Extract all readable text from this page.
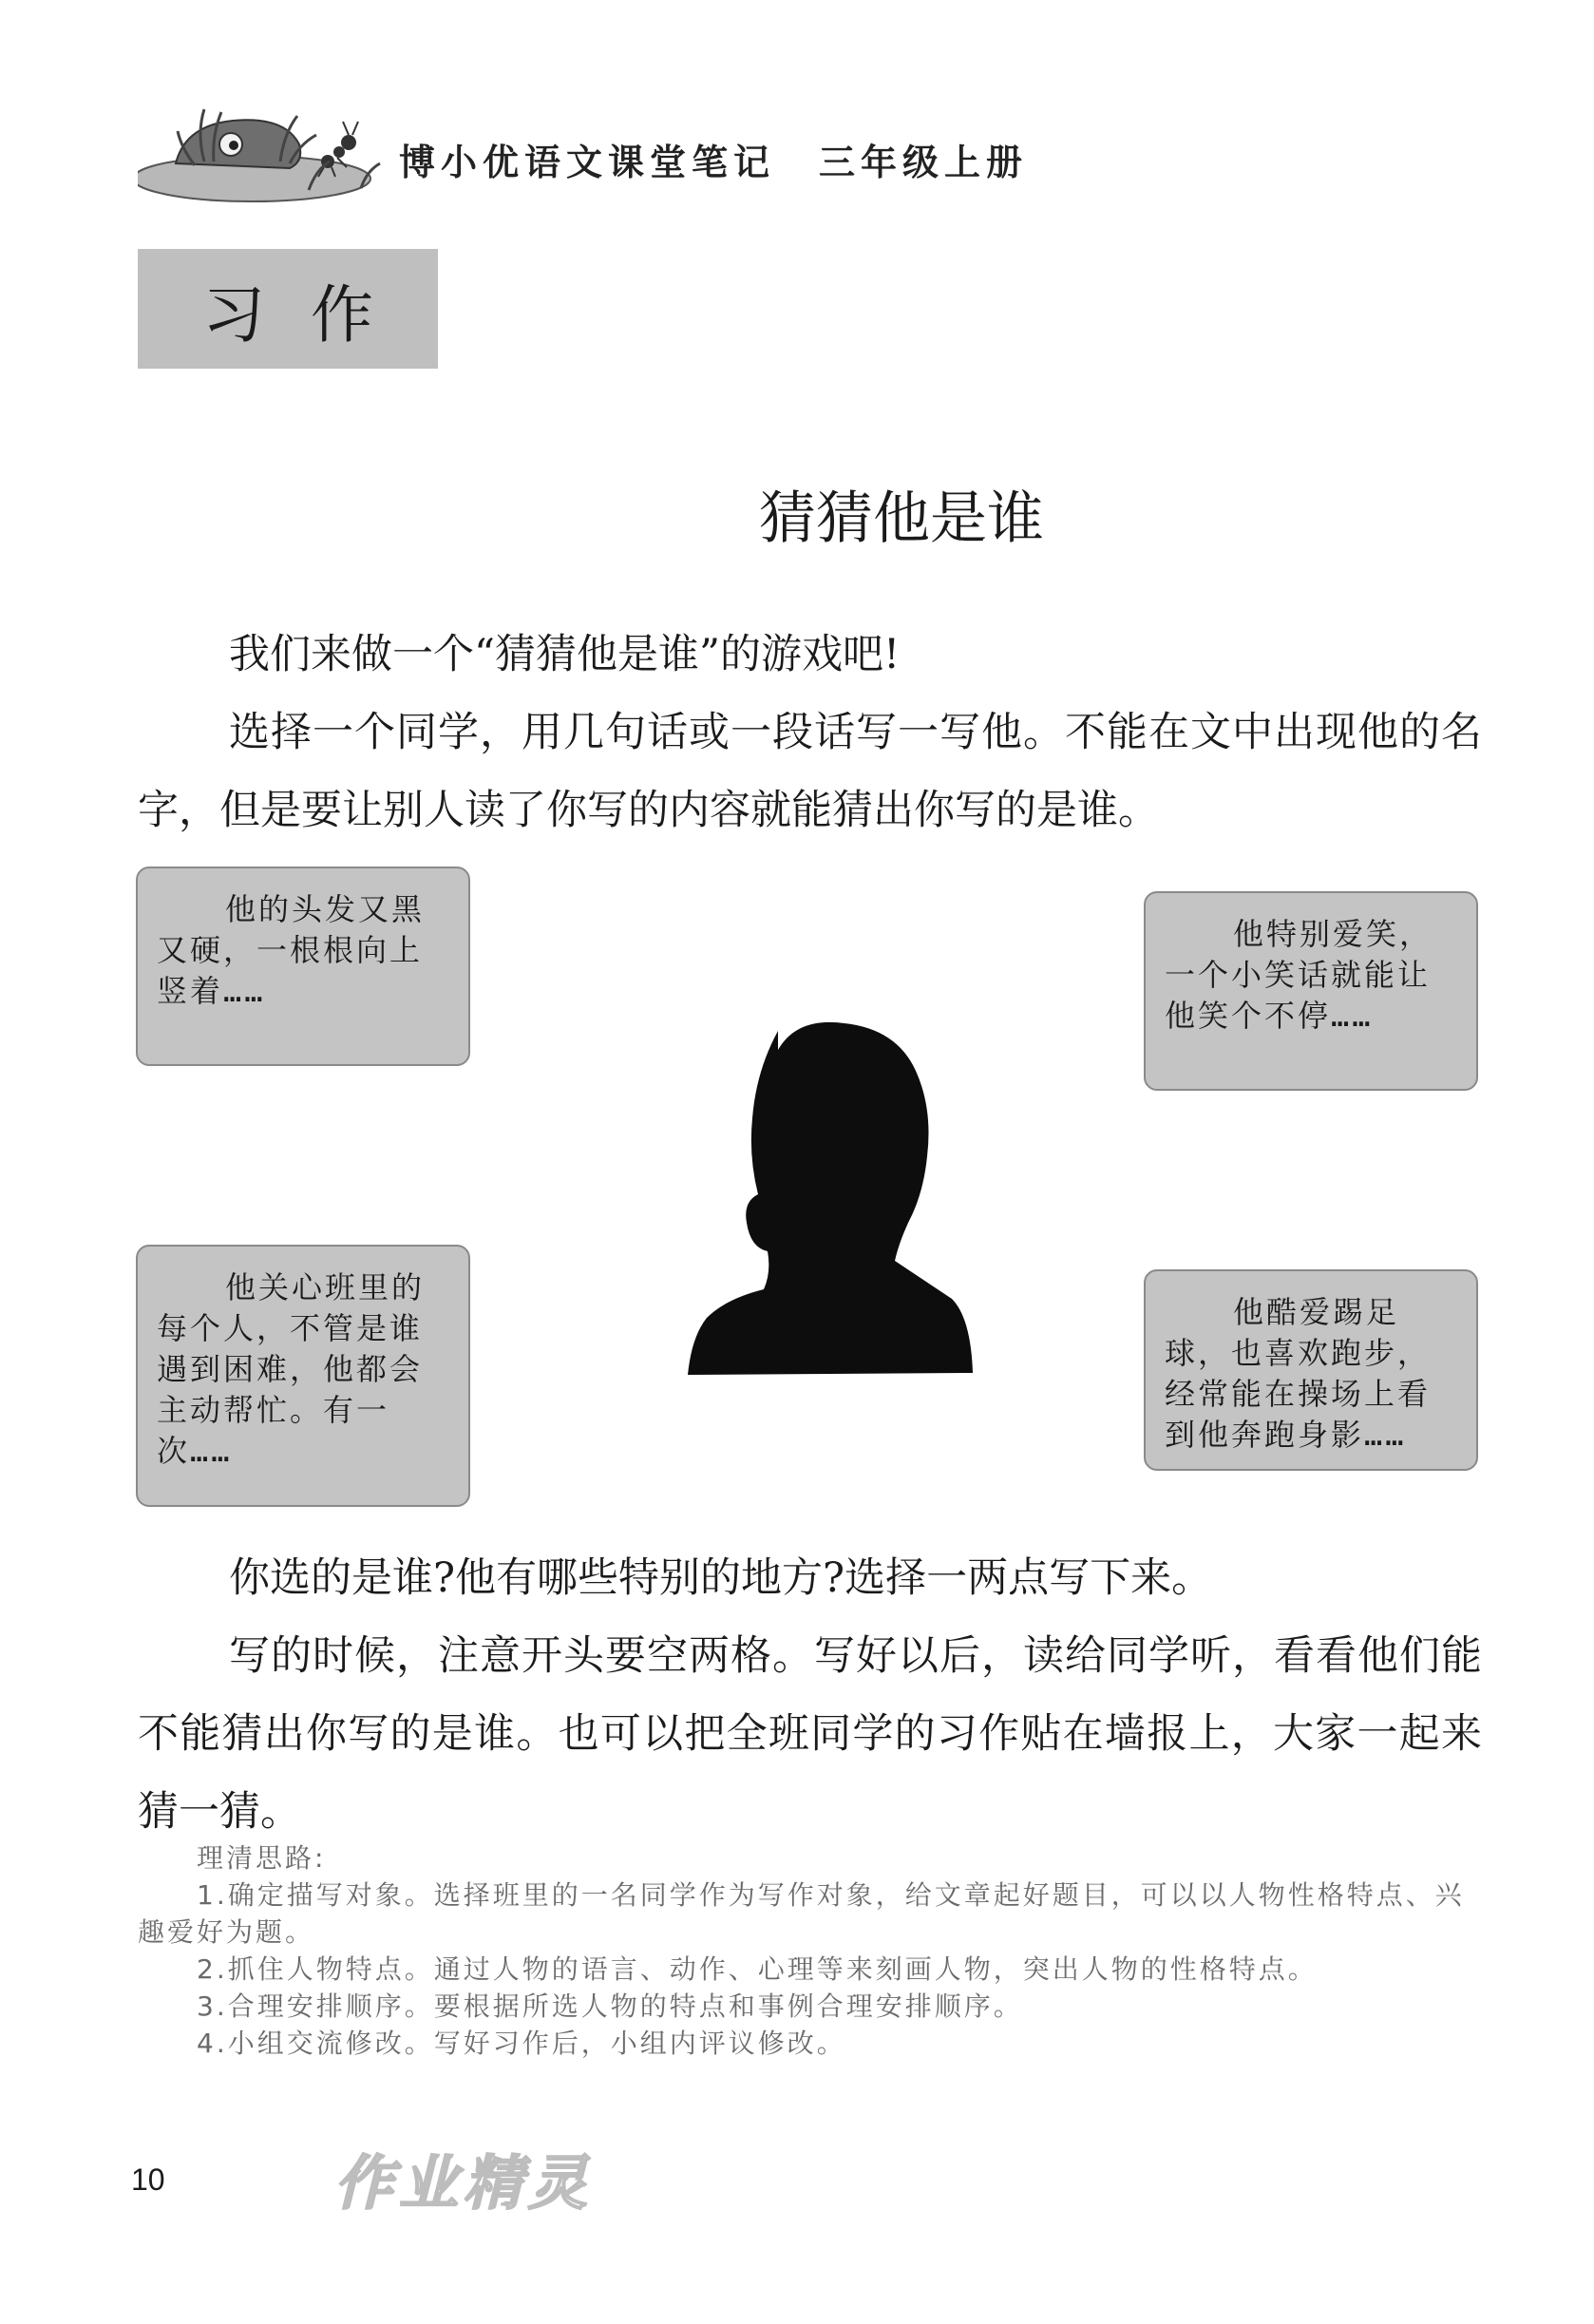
博小优语文课堂笔记 三年级上册
习作
猜猜他是谁
我们来做一个“猜猜他是谁”的游戏吧!
选择一个同学，用几句话或一段话写一写他。不能在文中出现他的名字，但是要让别人读了你写的内容就能猜出你写的是谁。
他的头发又黑又硬，一根根向上竖着……
他特别爱笑，一个小笑话就能让他笑个不停……
他关心班里的每个人，不管是谁遇到困难，他都会主动帮忙。有一次……
他酷爱踢足球，也喜欢跑步，经常能在操场上看到他奔跑身影……
你选的是谁?他有哪些特别的地方?选择一两点写下来。
写的时候，注意开头要空两格。写好以后，读给同学听，看看他们能不能猜出你写的是谁。也可以把全班同学的习作贴在墙报上，大家一起来猜一猜。
理清思路:
1.确定描写对象。选择班里的一名同学作为写作对象，给文章起好题目，可以以人物性格特点、兴趣爱好为题。
2.抓住人物特点。通过人物的语言、动作、心理等来刻画人物，突出人物的性格特点。
3.合理安排顺序。要根据所选人物的特点和事例合理安排顺序。
4.小组交流修改。写好习作后，小组内评议修改。
10	作业精灵
